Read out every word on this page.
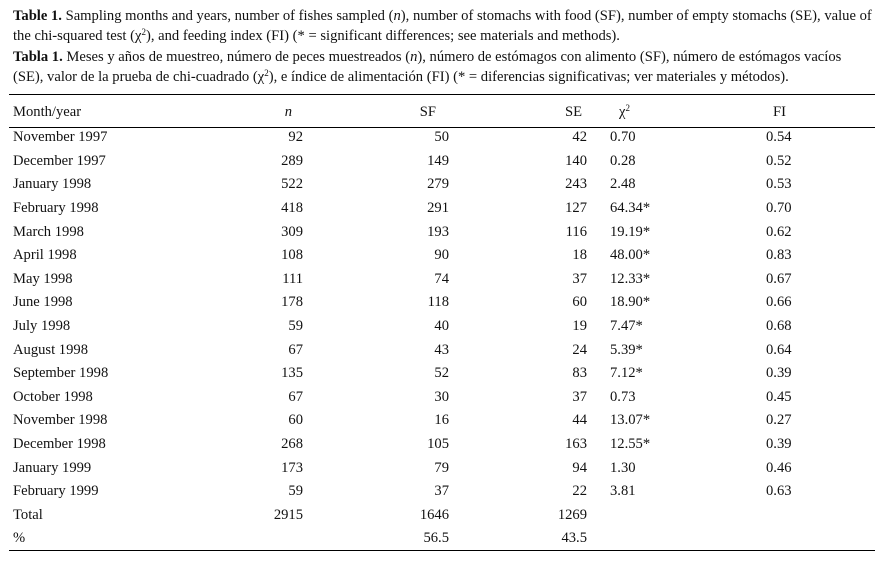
Table 1. Sampling months and years, number of fishes sampled (n), number of stomachs with food (SF), number of empty stomachs (SE), value of the chi-squared test $(\chi^2)$, and feeding index (FI) (* = significant differences; see materials and methods).

Tabla 1. Meses y años de muestreo, número de peces muestreados (n), número de estómagos con alimento (SF), número de estómagos vacíos (SE), valor de la prueba de chi-cuadrado $(\chi^2)$, e índice de alimentación (FI) (* = diferencias significativas; ver materiales y métodos).

Month/year	n	SF	SE	$\chi^2$	FI	
November 1997	92	50	42	0.70	0.54	
December 1997	289	149	140	0.28	0.52	
January 1998	522	279	243	2.48	0.53	
February 1998	418	291	127	64.34*	0.70	
March 1998	309	193	116	19.19*	0.62	
April 1998	108	90	18	48.00*	0.83	
May 1998	111	74	37	12.33*	0.67	
June 1998	178	118	60	18.90*	0.66	
July 1998	59	40	19	7.47*	0.68	
August 1998	67	43	24	5.39*	0.64	
September 1998	135	52	83	7.12*	0.39	
October 1998	67	30	37	0.73	0.45	
November 1998	60	16	44	13.07*	0.27	
December 1998	268	105	163	12.55*	0.39	
January 1999	173	79	94	1.30	0.46	
February 1999	59	37	22	3.81	0.63	
Total	2915	1646	1269			
%		56.5	43.5			
